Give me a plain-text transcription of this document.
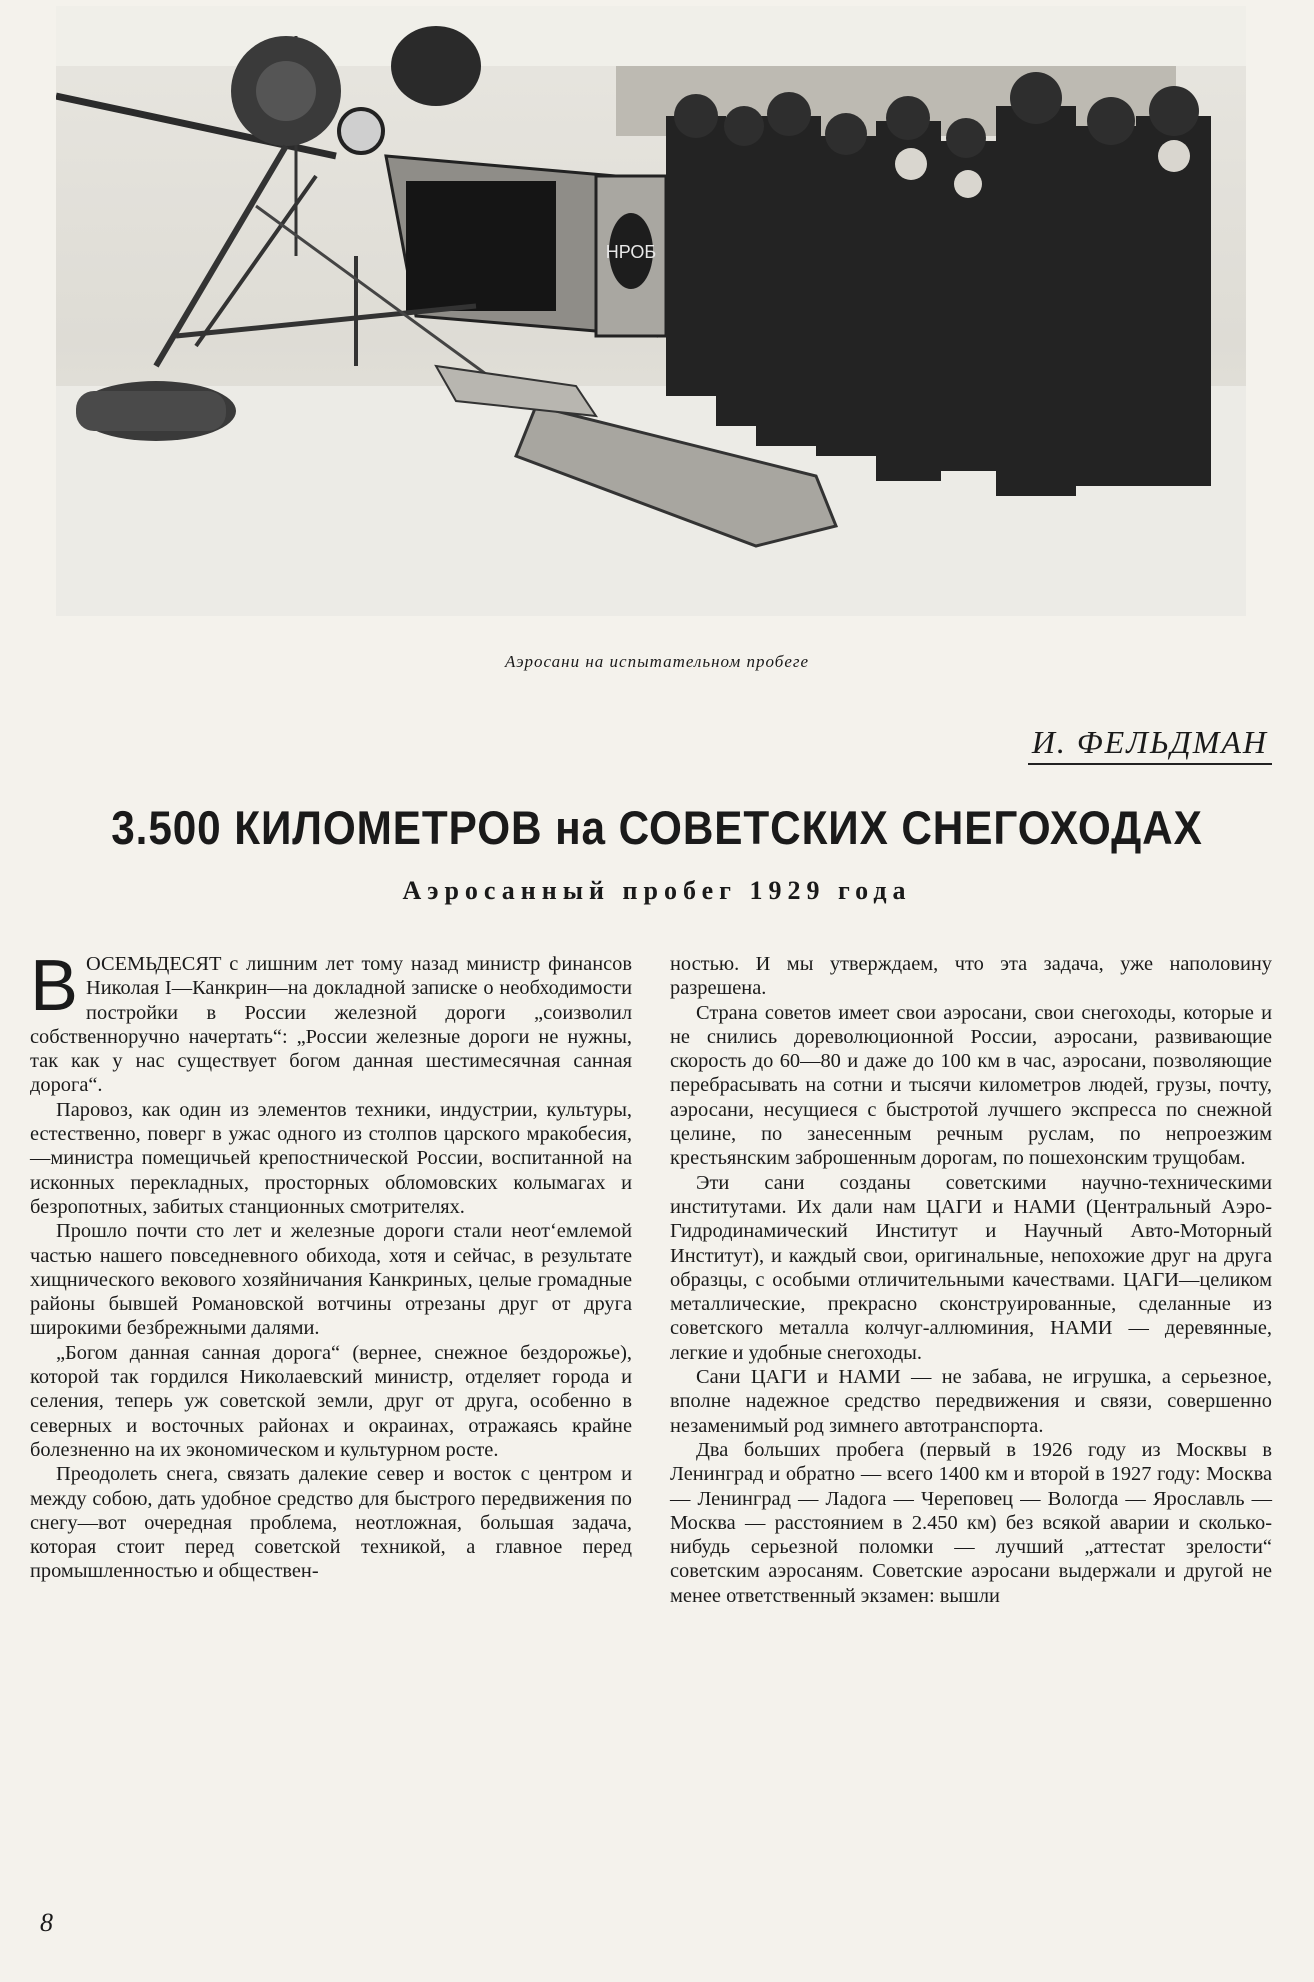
НРОБ
Аэросани на испытательном пробеге
И. ФЕЛЬДМАН
3.500 КИЛОМЕТРОВ на СОВЕТСКИХ СНЕГОХОДАХ
Аэросанный пробег 1929 года

ВОСЕМЬДЕСЯТ с лишним лет тому назад министр финансов Николая I—Канкрин—на докладной записке о необходимости постройки в России железной дороги „соизволил собственноручно начертать“: „России железные дороги не нужны, так как у нас существует богом данная шестимесячная санная дорога“.

Паровоз, как один из элементов техники, индустрии, культуры, естественно, поверг в ужас одного из столпов царского мракобесия,—министра помещичьей крепостнической России, воспитанной на исконных перекладных, просторных обломовских колымагах и безропотных, забитых станционных смотрителях.

Прошло почти сто лет и железные дороги стали неот‘емлемой частью нашего повседневного обихода, хотя и сейчас, в результате хищнического векового хозяйничания Канкриных, целые громадные районы бывшей Романовской вотчины отрезаны друг от друга широкими безбрежными далями.

„Богом данная санная дорога“ (вернее, снежное бездорожье), которой так гордился Николаевский министр, отделяет города и селения, теперь уж советской земли, друг от друга, особенно в северных и восточных районах и окраинах, отражаясь крайне болезненно на их экономическом и культурном росте.

Преодолеть снега, связать далекие север и восток с центром и между собою, дать удобное средство для быстрого передвижения по снегу—вот очередная проблема, неотложная, большая задача, которая стоит перед советской техникой, а главное перед промышленностью и обществен-

ностью. И мы утверждаем, что эта задача, уже наполовину разрешена.

Страна советов имеет свои аэросани, свои снегоходы, которые и не снились дореволюционной России, аэросани, развивающие скорость до 60—80 и даже до 100 км в час, аэросани, позволяющие перебрасывать на сотни и тысячи километров людей, грузы, почту, аэросани, несущиеся с быстротой лучшего экспресса по снежной целине, по занесенным речным руслам, по непроезжим крестьянским заброшенным дорогам, по пошехонским трущобам.

Эти сани созданы советскими научно-техническими институтами. Их дали нам ЦАГИ и НАМИ (Центральный Аэро-Гидродинамический Институт и Научный Авто-Моторный Институт), и каждый свои, оригинальные, непохожие друг на друга образцы, с особыми отличительными качествами. ЦАГИ—целиком металлические, прекрасно сконструированные, сделанные из советского металла колчуг-аллюминия, НАМИ — деревянные, легкие и удобные снегоходы.

Сани ЦАГИ и НАМИ — не забава, не игрушка, а серьезное, вполне надежное средство передвижения и связи, совершенно незаменимый род зимнего автотранспорта.

Два больших пробега (первый в 1926 году из Москвы в Ленинград и обратно — всего 1400 км и второй в 1927 году: Москва — Ленинград — Ладога — Череповец — Вологда — Ярославль — Москва — расстоянием в 2.450 км) без всякой аварии и сколько-нибудь серьезной поломки — лучший „аттестат зрелости“ советским аэросаням. Советские аэросани выдержали и другой не менее ответственный экзамен: вышли

8
